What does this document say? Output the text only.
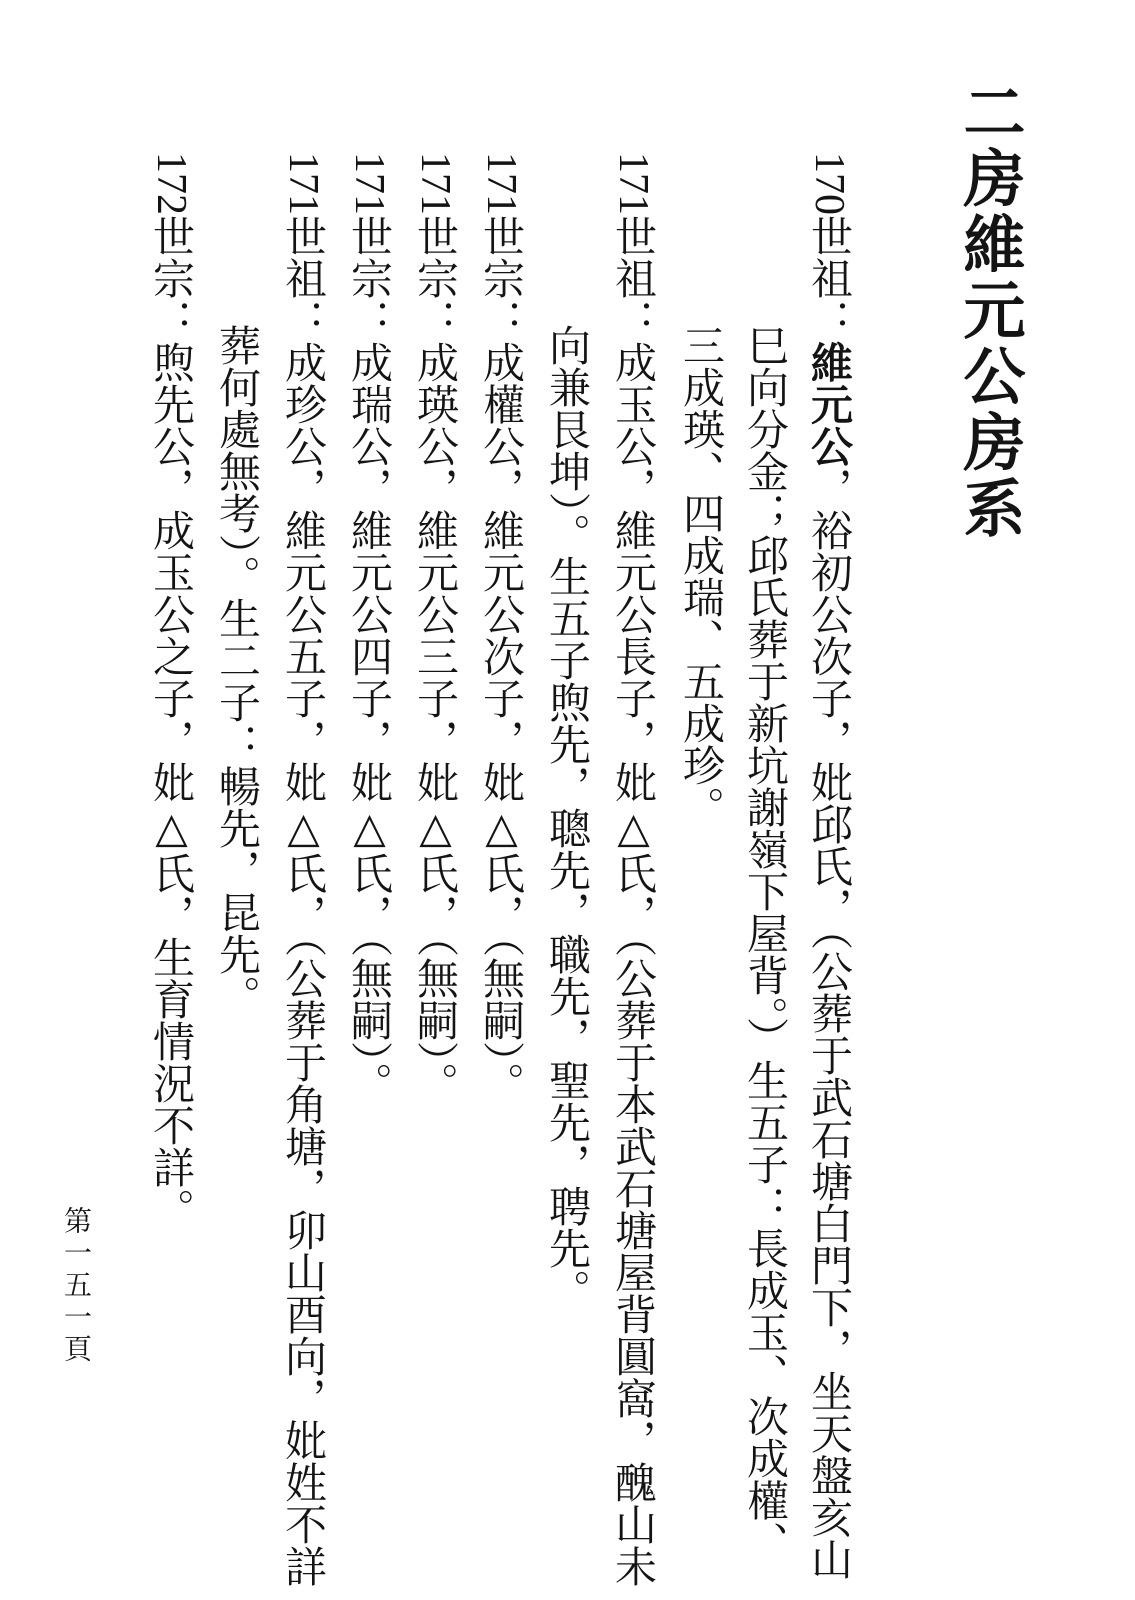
二房維元公房系
170世祖：維元公，裕初公次子，妣邱氏，（公葬于武石塘白門下，坐天盤亥山
巳向分金；邱氏葬于新坑謝嶺下屋背。）生五子：長成玉、次成權、
三成瑛、四成瑞、五成珍。
171世祖：成玉公，維元公長子，妣△氏，（公葬于本武石塘屋背圓窩，醜山未
向兼艮坤）。生五子煦先，聰先，職先，聖先，聘先。
171世宗：成權公，維元公次子，妣△氏，（無嗣）。
171世宗：成瑛公，維元公三子，妣△氏，（無嗣）。
171世宗：成瑞公，維元公四子，妣△氏，（無嗣）。
171世祖：成珍公，維元公五子，妣△氏，（公葬于角塘，卯山酉向，妣姓不詳
葬何處無考）。生二子：暢先，昆先。
172世宗：煦先公，成玉公之子，妣△氏，生育情況不詳。
第一五一頁
